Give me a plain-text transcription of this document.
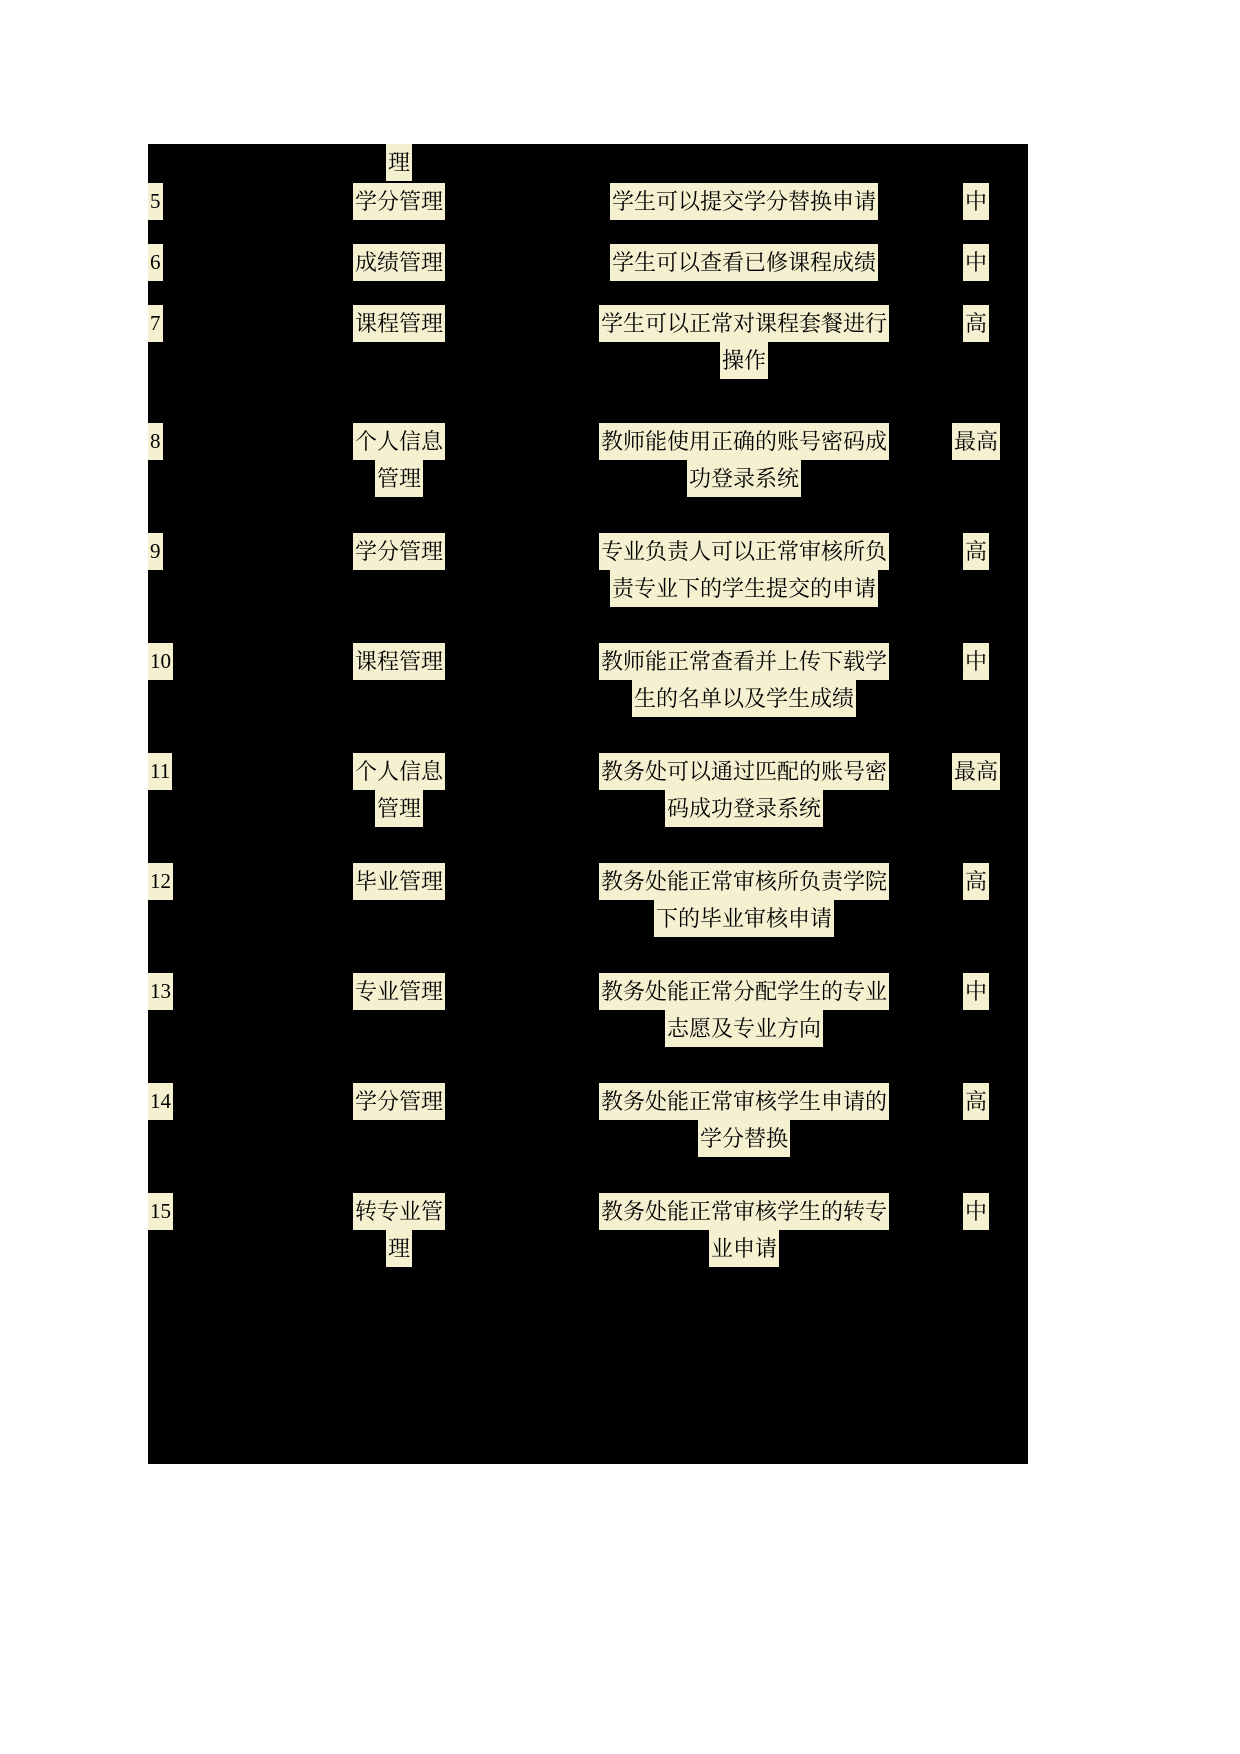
	理		

5	学分管理	学生可以提交学分替换申请	中

6	成绩管理	学生可以查看已修课程成绩	中

7	课程管理	学生可以正常对课程套餐进行
操作	高

8	个人信息
管理	教师能使用正确的账号密码成
功登录系统	最高

9	学分管理	专业负责人可以正常审核所负
责专业下的学生提交的申请	高

10	课程管理	教师能正常查看并上传下载学
生的名单以及学生成绩	中

11	个人信息
管理	教务处可以通过匹配的账号密
码成功登录系统	最高

12	毕业管理	教务处能正常审核所负责学院
下的毕业审核申请	高

13	专业管理	教务处能正常分配学生的专业
志愿及专业方向	中

14	学分管理	教务处能正常审核学生申请的
学分替换	高

15	转专业管
理	教务处能正常审核学生的转专
业申请	中
